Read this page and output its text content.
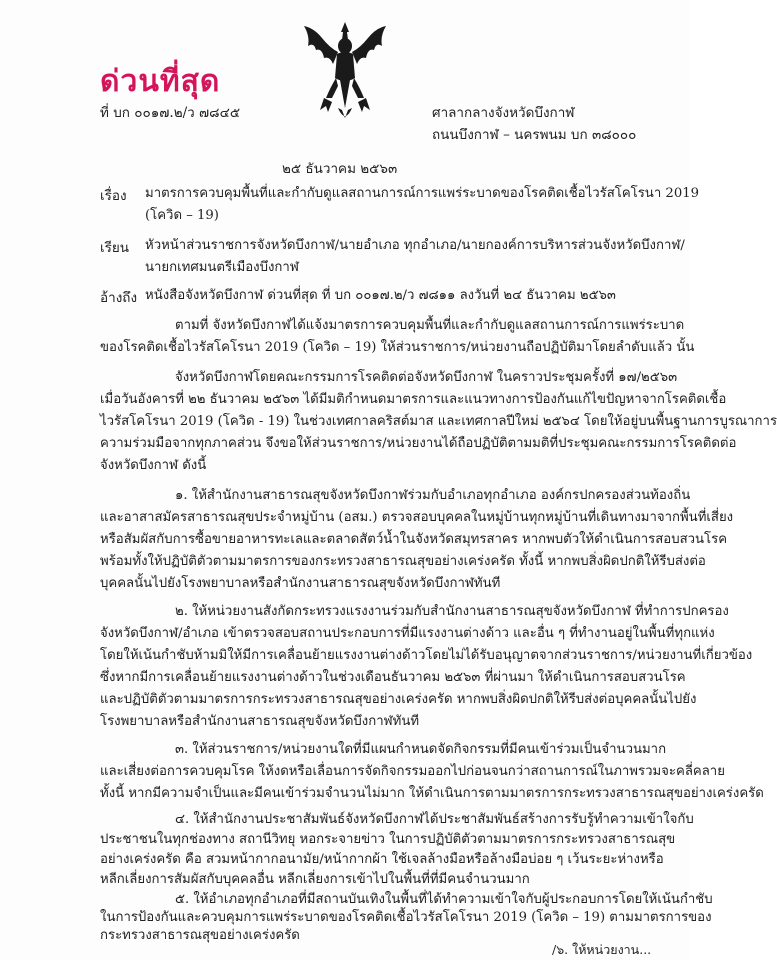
ด่วนที่สุด
ที่ บก ๐๐๑๗.๒/ว ๗๘๔๕	ศาลากลางจังหวัดบึงกาฬ
ถนนบึงกาฬ – นครพนม บก ๓๘๐๐๐
๒๕ ธันวาคม ๒๕๖๓
เรื่อง มาตรการควบคุมพื้นที่และกำกับดูแลสถานการณ์การแพร่ระบาดของโรคติดเชื้อไวรัสโคโรนา 2019
(โควิด – 19)
เรียน หัวหน้าส่วนราชการจังหวัดบึงกาฬ/นายอำเภอ ทุกอำเภอ/นายกองค์การบริหารส่วนจังหวัดบึงกาฬ/
นายกเทศมนตรีเมืองบึงกาฬ
อ้างถึง หนังสือจังหวัดบึงกาฬ ด่วนที่สุด ที่ บก ๐๐๑๗.๒/ว ๗๘๑๑ ลงวันที่ ๒๔ ธันวาคม ๒๕๖๓
ตามที่ จังหวัดบึงกาฬได้แจ้งมาตรการควบคุมพื้นที่และกำกับดูแลสถานการณ์การแพร่ระบาด
ของโรคติดเชื้อไวรัสโคโรนา 2019 (โควิด – 19) ให้ส่วนราชการ/หน่วยงานถือปฏิบัติมาโดยลำดับแล้ว นั้น
จังหวัดบึงกาฬโดยคณะกรรมการโรคติดต่อจังหวัดบึงกาฬ ในคราวประชุมครั้งที่ ๑๗/๒๕๖๓
เมื่อวันอังคารที่ ๒๒ ธันวาคม ๒๕๖๓ ได้มีมติกำหนดมาตรการและแนวทางการป้องกันแก้ไขปัญหาจากโรคติดเชื้อ
ไวรัสโคโรนา 2019 (โควิด - 19) ในช่วงเทศกาลคริสต์มาส และเทศกาลปีใหม่ ๒๕๖๔ โดยให้อยู่บนพื้นฐานการบูรณาการ
ความร่วมมือจากทุกภาคส่วน จึงขอให้ส่วนราชการ/หน่วยงานได้ถือปฏิบัติตามมติที่ประชุมคณะกรรมการโรคติดต่อ
จังหวัดบึงกาฬ ดังนี้
๑. ให้สำนักงานสาธารณสุขจังหวัดบึงกาฬร่วมกับอำเภอทุกอำเภอ องค์กรปกครองส่วนท้องถิ่น
และอาสาสมัครสาธารณสุขประจำหมู่บ้าน (อสม.) ตรวจสอบบุคคลในหมู่บ้านทุกหมู่บ้านที่เดินทางมาจากพื้นที่เสี่ยง
หรือสัมผัสกับการซื้อขายอาหารทะเลและตลาดสัตว์น้ำในจังหวัดสมุทรสาคร หากพบตัวให้ดำเนินการสอบสวนโรค
พร้อมทั้งให้ปฏิบัติตัวตามมาตรการของกระทรวงสาธารณสุขอย่างเคร่งครัด ทั้งนี้ หากพบสิ่งผิดปกติให้รีบส่งต่อ
บุคคลนั้นไปยังโรงพยาบาลหรือสำนักงานสาธารณสุขจังหวัดบึงกาฬทันที
๒. ให้หน่วยงานสังกัดกระทรวงแรงงานร่วมกับสำนักงานสาธารณสุขจังหวัดบึงกาฬ ที่ทำการปกครอง
จังหวัดบึงกาฬ/อำเภอ เข้าตรวจสอบสถานประกอบการที่มีแรงงานต่างด้าว และอื่น ๆ ที่ทำงานอยู่ในพื้นที่ทุกแห่ง
โดยให้เน้นกำชับห้ามมิให้มีการเคลื่อนย้ายแรงงานต่างด้าวโดยไม่ได้รับอนุญาตจากส่วนราชการ/หน่วยงานที่เกี่ยวข้อง
ซึ่งหากมีการเคลื่อนย้ายแรงงานต่างด้าวในช่วงเดือนธันวาคม ๒๕๖๓ ที่ผ่านมา ให้ดำเนินการสอบสวนโรค
และปฏิบัติตัวตามมาตรการกระทรวงสาธารณสุขอย่างเคร่งครัด หากพบสิ่งผิดปกติให้รีบส่งต่อบุคคลนั้นไปยัง
โรงพยาบาลหรือสำนักงานสาธารณสุขจังหวัดบึงกาฬทันที
๓. ให้ส่วนราชการ/หน่วยงานใดที่มีแผนกำหนดจัดกิจกรรมที่มีคนเข้าร่วมเป็นจำนวนมาก
และเสี่ยงต่อการควบคุมโรค ให้งดหรือเลื่อนการจัดกิจกรรมออกไปก่อนจนกว่าสถานการณ์ในภาพรวมจะคลี่คลาย
ทั้งนี้ หากมีความจำเป็นและมีคนเข้าร่วมจำนวนไม่มาก ให้ดำเนินการตามมาตรการกระทรวงสาธารณสุขอย่างเคร่งครัด
๔. ให้สำนักงานประชาสัมพันธ์จังหวัดบึงกาฬได้ประชาสัมพันธ์สร้างการรับรู้ทำความเข้าใจกับ
ประชาชนในทุกช่องทาง สถานีวิทยุ หอกระจายข่าว ในการปฏิบัติตัวตามมาตรการกระทรวงสาธารณสุข
อย่างเคร่งครัด คือ สวมหน้ากากอนามัย/หน้ากากผ้า ใช้เจลล้างมือหรือล้างมือบ่อย ๆ เว้นระยะห่างหรือ
หลีกเลี่ยงการสัมผัสกับบุคคลอื่น หลีกเลี่ยงการเข้าไปในพื้นที่ที่มีคนจำนวนมาก
๕. ให้อำเภอทุกอำเภอที่มีสถานบันเทิงในพื้นที่ได้ทำความเข้าใจกับผู้ประกอบการโดยให้เน้นกำชับ
ในการป้องกันและควบคุมการแพร่ระบาดของโรคติดเชื้อไวรัสโคโรนา 2019 (โควิด – 19) ตามมาตรการของ
กระทรวงสาธารณสุขอย่างเคร่งครัด
/๖. ให้หน่วยงาน...
